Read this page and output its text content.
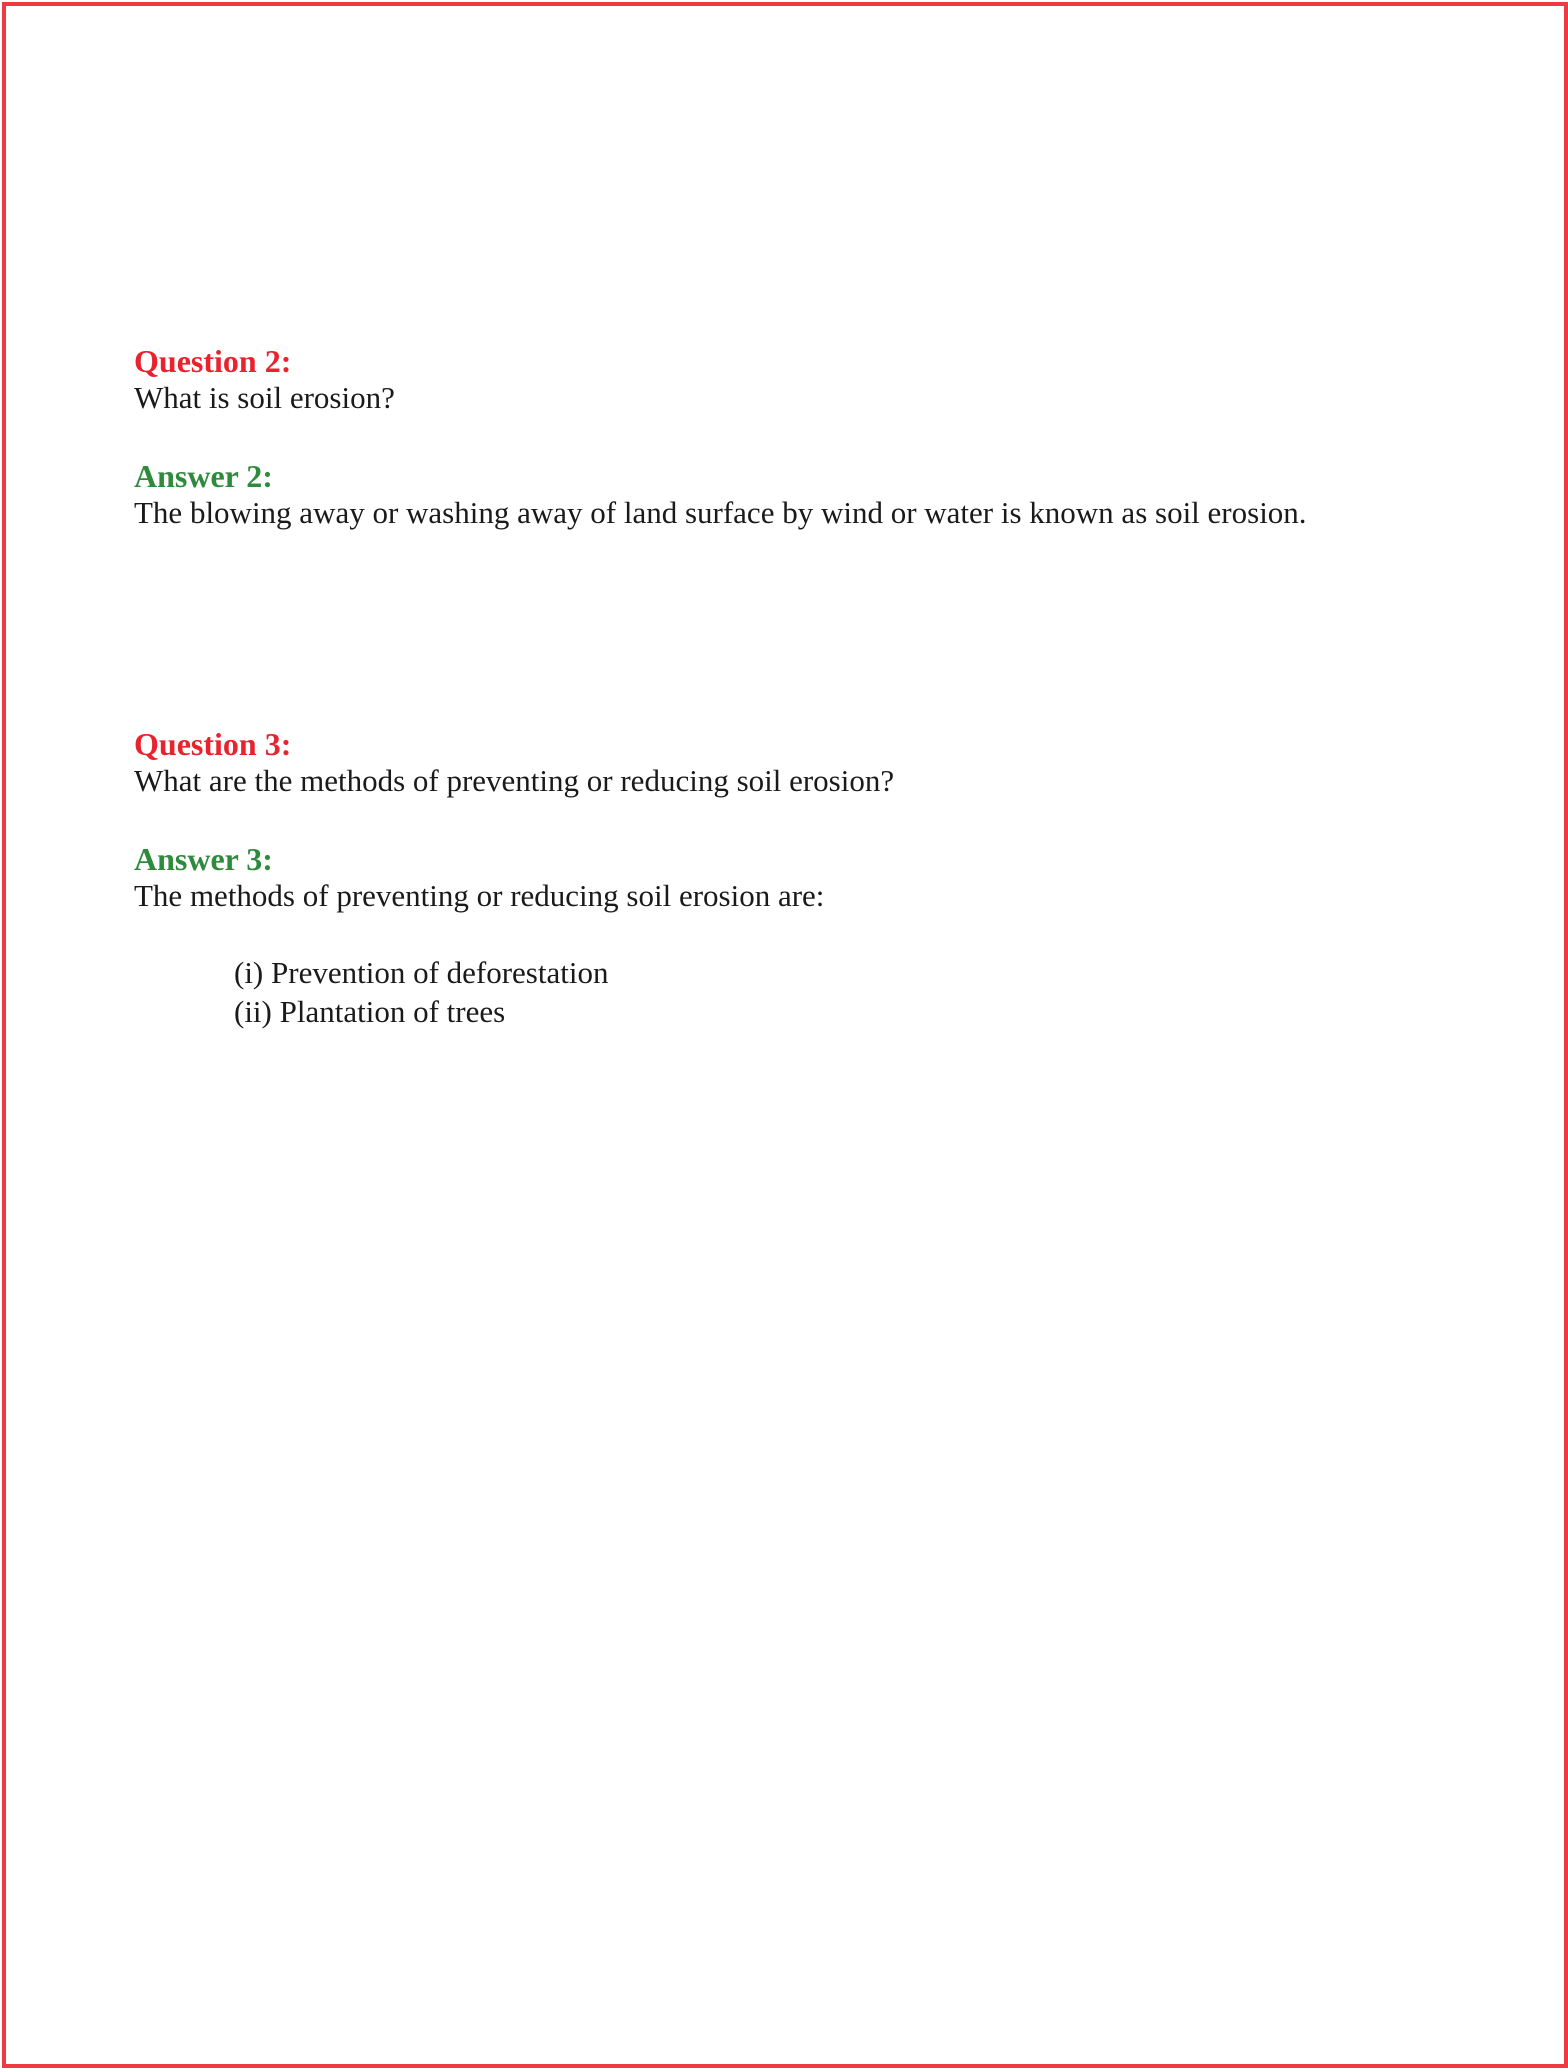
Question 2:
What is soil erosion?
Answer 2:
The blowing away or washing away of land surface by wind or water is known as soil erosion.
Question 3:
What are the methods of preventing or reducing soil erosion?
Answer 3:
The methods of preventing or reducing soil erosion are:
(i) Prevention of deforestation
(ii) Plantation of trees
